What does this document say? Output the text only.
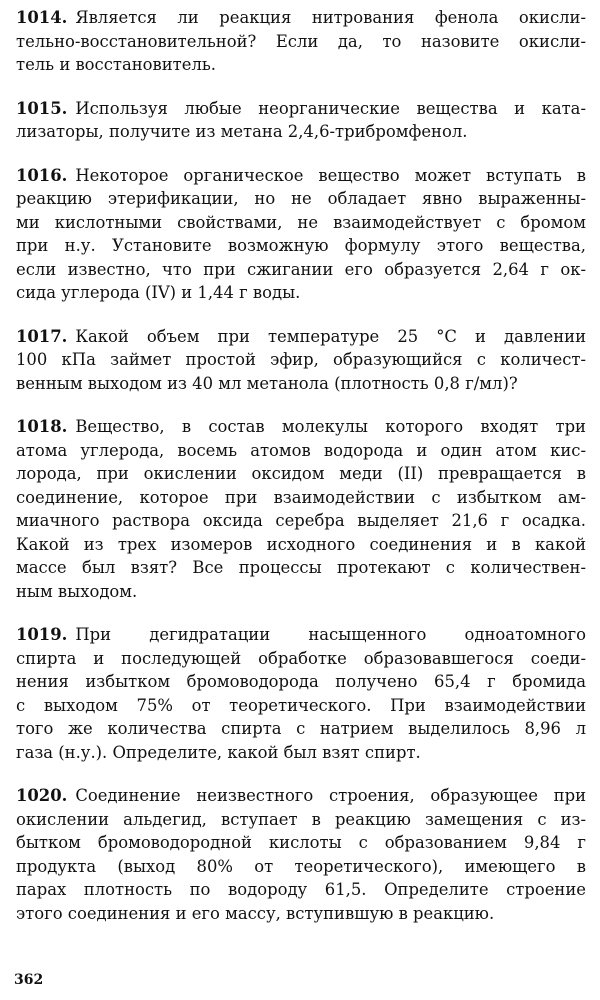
1014. Является ли реакция нитрования фенола окисли-
тельно-восстановительной? Если да, то назовите окисли-
тель и восстановитель.
1015. Используя любые неорганические вещества и ката-
лизаторы, получите из метана 2,4,6-трибромфенол.
1016. Некоторое органическое вещество может вступать в
реакцию этерификации, но не обладает явно выраженны-
ми кислотными свойствами, не взаимодействует с бромом
при н.у. Установите возможную формулу этого вещества,
если известно, что при сжигании его образуется 2,64 г ок-
сида углерода (IV) и 1,44 г воды.
1017. Какой объем при температуре 25 °С и давлении
100 кПа займет простой эфир, образующийся с количест-
венным выходом из 40 мл метанола (плотность 0,8 г/мл)?
1018. Вещество, в состав молекулы которого входят три
атома углерода, восемь атомов водорода и один атом кис-
лорода, при окислении оксидом меди (II) превращается в
соединение, которое при взаимодействии с избытком ам-
миачного раствора оксида серебра выделяет 21,6 г осадка.
Какой из трех изомеров исходного соединения и в какой
массе был взят? Все процессы протекают с количествен-
ным выходом.
1019. При дегидратации насыщенного одноатомного
спирта и последующей обработке образовавшегося соеди-
нения избытком бромоводорода получено 65,4 г бромида
с выходом 75% от теоретического. При взаимодействии
того же количества спирта с натрием выделилось 8,96 л
газа (н.у.). Определите, какой был взят спирт.
1020. Соединение неизвестного строения, образующее при
окислении альдегид, вступает в реакцию замещения с из-
бытком бромоводородной кислоты с образованием 9,84 г
продукта (выход 80% от теоретического), имеющего в
парах плотность по водороду 61,5. Определите строение
этого соединения и его массу, вступившую в реакцию.
362
